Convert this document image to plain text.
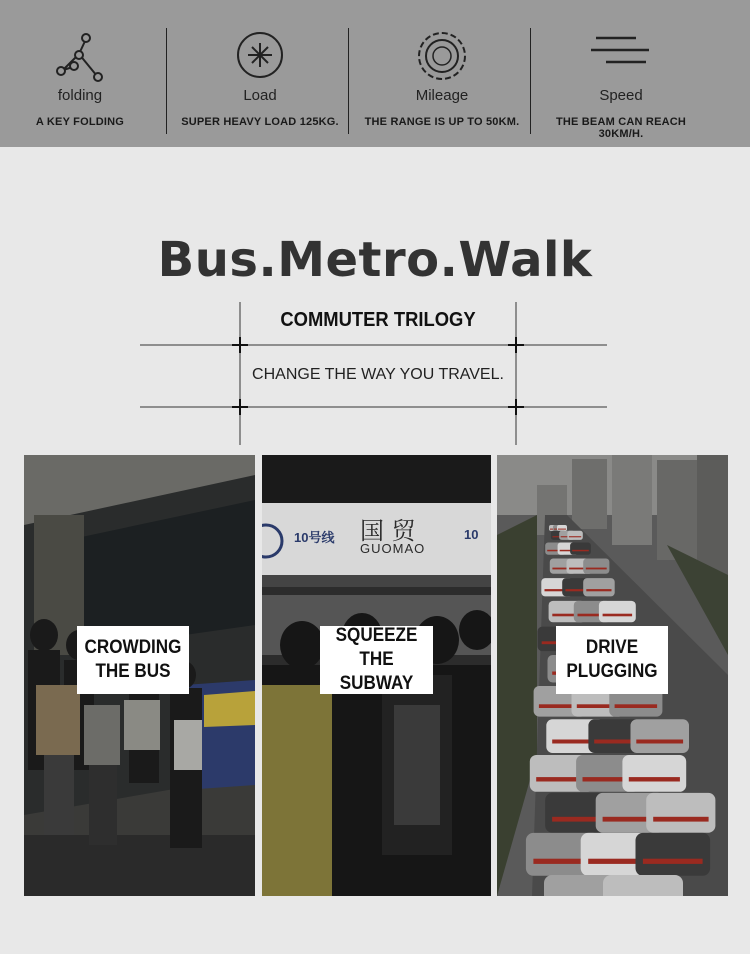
folding
A KEY FOLDING
Load
SUPER HEAVY LOAD 125KG.
Mileage
THE RANGE IS UP TO 50KM.
Speed
THE BEAM CAN REACH 30KM/H.
Bus.Metro.Walk
COMMUTER TRILOGY
CHANGE THE WAY YOU TRAVEL.
CROWDING
THE BUS
10号线 国 贸
GUOMAO
10
SQUEEZE THE
SUBWAY
DRIVE
PLUGGING
